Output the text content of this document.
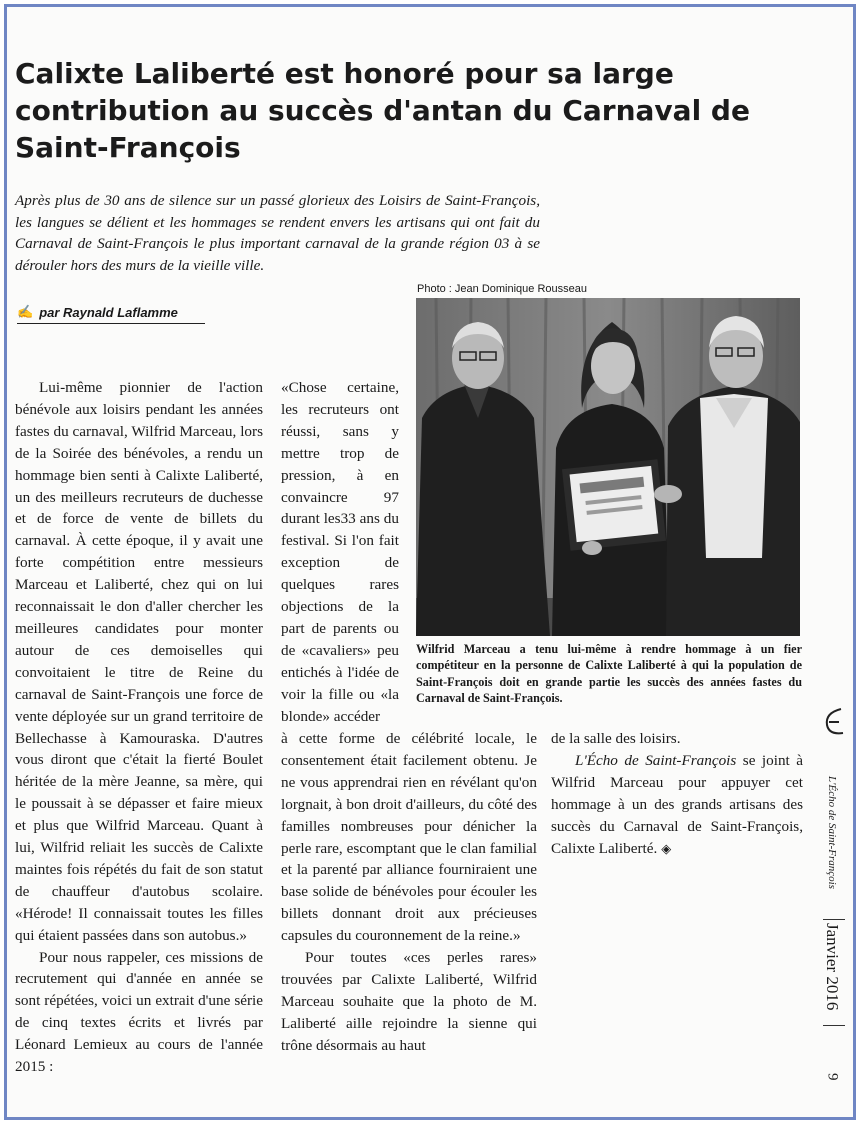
Calixte Laliberté est honoré pour sa large contribution au succès d'antan du Carnaval de Saint-François

Après plus de 30 ans de silence sur un passé glorieux des Loisirs de Saint-François, les langues se délient et les hommages se rendent envers les artisans qui ont fait du Carnaval de Saint-François le plus important carnaval de la grande région 03 à se dérouler hors des murs de la vieille ville.

✍ par Raynald Laflamme
Photo : Jean Dominique Rousseau

Wilfrid Marceau a tenu lui-même à rendre hommage à un fier compétiteur en la personne de Calixte Laliberté à qui la population de Saint-François doit en grande partie les succès des années fastes du Carnaval de Saint-François.

Lui-même pionnier de l'action bénévole aux loisirs pendant les années fastes du carnaval, Wilfrid Marceau, lors de la Soirée des bénévoles, a rendu un hommage bien senti à Calixte Laliberté, un des meilleurs recruteurs de duchesse et de force de vente de billets du carnaval. À cette époque, il y avait une forte compétition entre messieurs Marceau et Laliberté, chez qui on lui reconnaissait le don d'aller chercher les meilleures candidates pour monter autour de ces demoiselles qui convoitaient le titre de Reine du carnaval de Saint-François une force de vente déployée sur un grand territoire de Bellechasse à Kamouraska. D'autres vous diront que c'était la fierté Boulet héritée de la mère Jeanne, sa mère, qui le poussait à se dépasser et faire mieux et plus que Wilfrid Marceau. Quant à lui, Wilfrid reliait les succès de Calixte maintes fois répétés du fait de son statut de chauffeur d'autobus scolaire. «Hérode! Il connaissait toutes les filles qui étaient passées dans son autobus.»

Pour nous rappeler, ces missions de recrutement qui d'année en année se sont répétées, voici un extrait d'une série de cinq textes écrits et livrés par Léonard Lemieux au cours de l'année 2015 :

«Chose certaine, les recruteurs ont réussi, sans y mettre trop de pression, à en convaincre 97 durant les33 ans du festival. Si l'on fait exception de quelques rares objections de la part de parents ou de «cavaliers» peu entichés à l'idée de voir la fille ou «la blonde» accéder

à cette forme de célébrité locale, le consentement était facilement obtenu. Je ne vous apprendrai rien en révélant qu'on lorgnait, à bon droit d'ailleurs, du côté des familles nombreuses pour dénicher la perle rare, escomptant que le clan familial et la parenté par alliance fourniraient une base solide de bénévoles pour écouler les billets donnant droit aux précieuses capsules du couronnement de la reine.»

Pour toutes «ces perles rares» trouvées par Calixte Laliberté, Wilfrid Marceau souhaite que la photo de M. Laliberté aille rejoindre la sienne qui trône désormais au haut

de la salle des loisirs.

L'Écho de Saint-François se joint à Wilfrid Marceau pour appuyer cet hommage à un des grands artisans des succès du Carnaval de Saint-François, Calixte Laliberté. ◈	L'Écho de Saint-François
Janvier 2016
9
